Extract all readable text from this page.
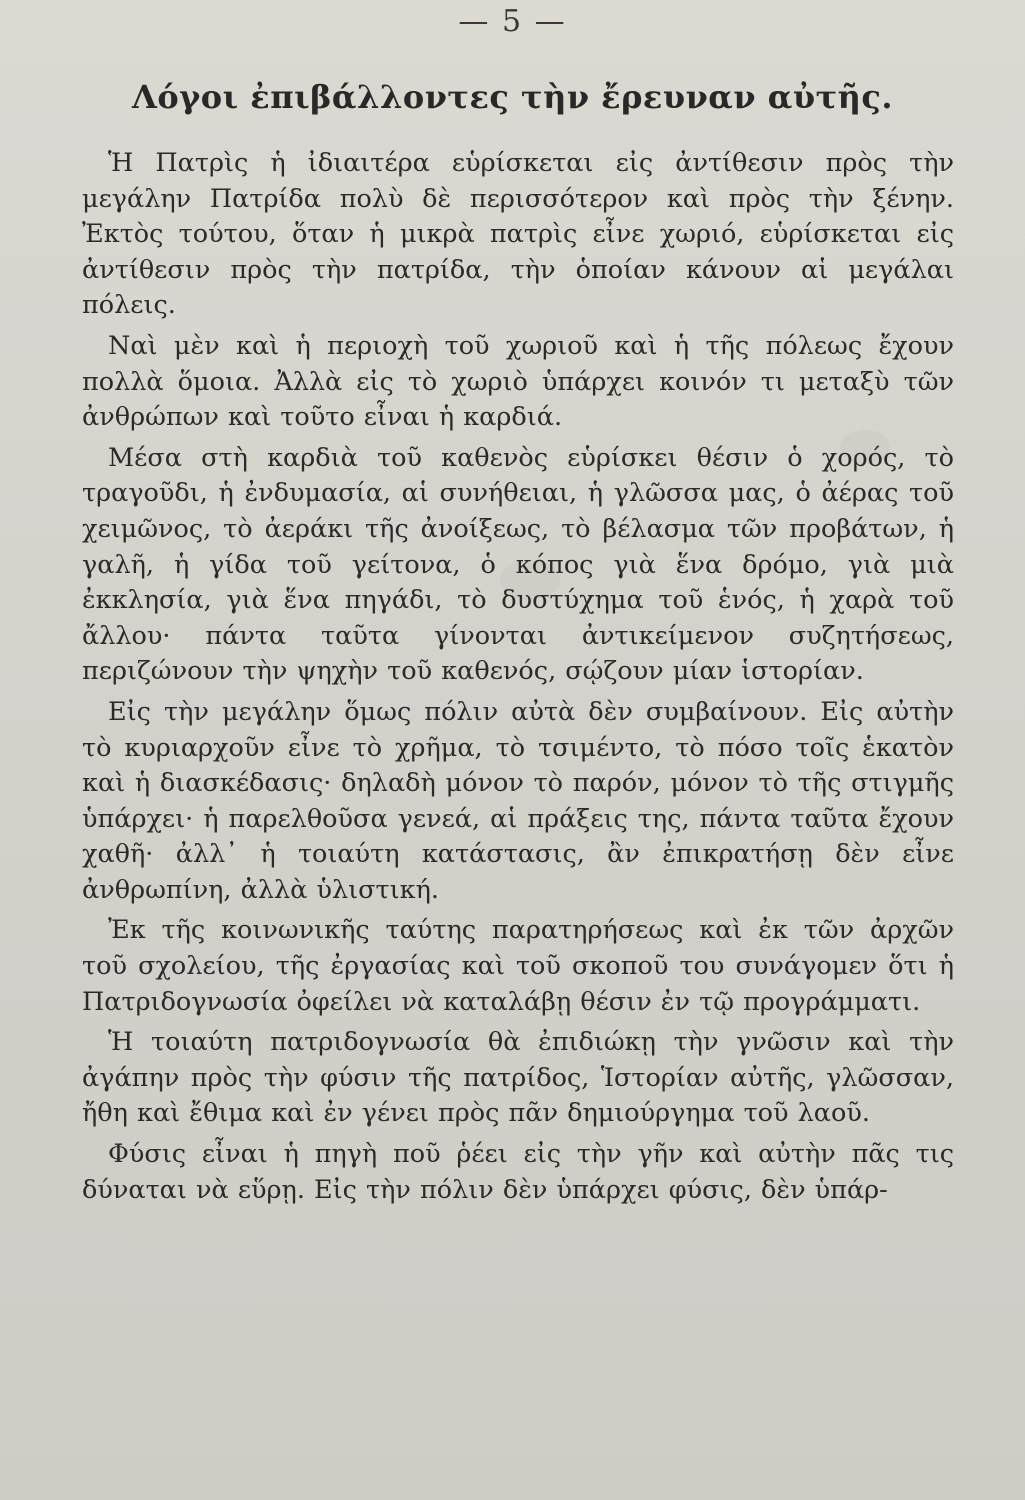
— 5 —
Λόγοι ἐπιβάλλοντες τὴν ἔρευναν αὐτῆς.

Ἡ Πατρὶς ἡ ἰδιαιτέρα εὑρίσκεται εἰς ἀντίθεσιν πρὸς τὴν μεγάλην Πατρίδα πολὺ δὲ περισσότερον καὶ πρὸς τὴν ξένην. Ἐκτὸς τούτου, ὅταν ἡ μικρὰ πατρὶς εἶνε χωριό, εὑρίσκεται εἰς ἀντίθεσιν πρὸς τὴν πατρίδα, τὴν ὁποίαν κάνουν αἱ μεγάλαι πόλεις.

Ναὶ μὲν καὶ ἡ περιοχὴ τοῦ χωριοῦ καὶ ἡ τῆς πόλεως ἔχουν πολλὰ ὅμοια. Ἀλλὰ εἰς τὸ χωριὸ ὑπάρχει κοινόν τι μεταξὺ τῶν ἀνθρώπων καὶ τοῦτο εἶναι ἡ καρδιά.

Μέσα στὴ καρδιὰ τοῦ καθενὸς εὑρίσκει θέσιν ὁ χορός, τὸ τραγοῦδι, ἡ ἐνδυμασία, αἱ συνήθειαι, ἡ γλῶσσα μας, ὁ ἀέρας τοῦ χειμῶνος, τὸ ἀεράκι τῆς ἀνοίξεως, τὸ βέλασμα τῶν προβάτων, ἡ γαλῆ, ἡ γίδα τοῦ γείτονα, ὁ κόπος γιὰ ἕνα δρόμο, γιὰ μιὰ ἐκκλησία, γιὰ ἕνα πηγάδι, τὸ δυστύχημα τοῦ ἑνός, ἡ χαρὰ τοῦ ἄλλου· πάντα ταῦτα γίνονται ἀντικείμενον συζητήσεως, περιζώνουν τὴν ψηχὴν τοῦ καθενός, σῴζουν μίαν ἱστορίαν.

Εἰς τὴν μεγάλην ὅμως πόλιν αὐτὰ δὲν συμβαίνουν. Εἰς αὐτὴν τὸ κυριαρχοῦν εἶνε τὸ χρῆμα, τὸ τσιμέντο, τὸ πόσο τοῖς ἑκατὸν καὶ ἡ διασκέδασις· δηλαδὴ μόνον τὸ παρόν, μόνον τὸ τῆς στιγμῆς ὑπάρχει· ἡ παρελθοῦσα γενεά, αἱ πράξεις της, πάντα ταῦτα ἔχουν χαθῆ· ἀλλ᾿ ἡ τοιαύτη κατάστασις, ἂν ἐπικρατήσῃ δὲν εἶνε ἀνθρωπίνη, ἀλλὰ ὑλιστική.

Ἐκ τῆς κοινωνικῆς ταύτης παρατηρήσεως καὶ ἐκ τῶν ἀρχῶν τοῦ σχολείου, τῆς ἐργασίας καὶ τοῦ σκοποῦ του συνάγομεν ὅτι ἡ Πατριδογνωσία ὀφείλει νὰ καταλάβῃ θέσιν ἐν τῷ προγράμματι.

Ἡ τοιαύτη πατριδογνωσία θὰ ἐπιδιώκῃ τὴν γνῶσιν καὶ τὴν ἀγάπην πρὸς τὴν φύσιν τῆς πατρίδος, Ἱστορίαν αὐτῆς, γλῶσσαν, ἤθη καὶ ἔθιμα καὶ ἐν γένει πρὸς πᾶν δημιούργημα τοῦ λαοῦ.

Φύσις εἶναι ἡ πηγὴ ποῦ ῥέει εἰς τὴν γῆν καὶ αὐτὴν πᾶς τις δύναται νὰ εὕρῃ. Εἰς τὴν πόλιν δὲν ὑπάρχει φύσις, δὲν ὑπάρ-
